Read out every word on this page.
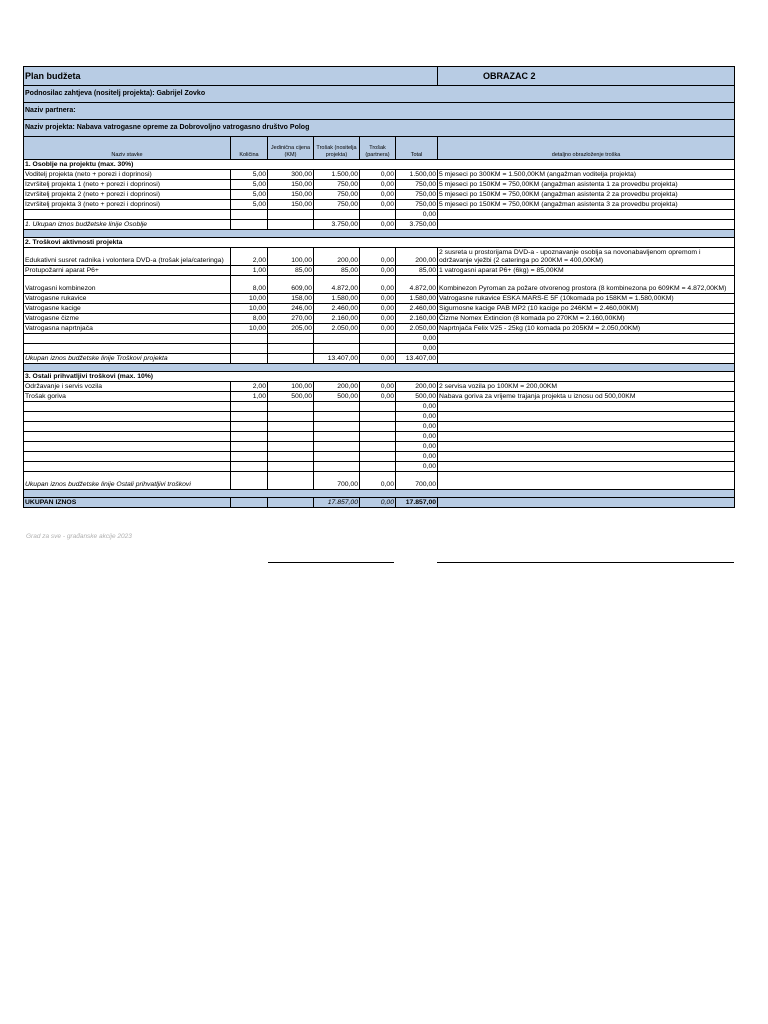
Plan budžeta						OBRAZAC 2
Podnosilac zahtjeva (nositelj projekta): Gabrijel Zovko						
Naziv partnera:						
Naziv projekta: Nabava vatrogasne opreme za Dobrovoljno vatrogasno društvo Polog						
Naziv stavke	Količina	Jedinična cijena (KM)	Trošak (nositelja projekta)	Trošak (partnera)	Total	detaljno obrazloženje troška
1. Osoblje na projektu (max. 30%)						
Voditelj projekta (neto + porezi i doprinosi)	5,00	300,00	1.500,00	0,00	1.500,00	5 mjeseci po 300KM = 1.500,00KM (angažman voditelja projekta)
Izvršitelj projekta 1 (neto + porezi i doprinosi)	5,00	150,00	750,00	0,00	750,00	5 mjeseci po 150KM = 750,00KM (angažman asistenta 1 za provedbu projekta)
Izvršitelj projekta 2 (neto + porezi i doprinosi)	5,00	150,00	750,00	0,00	750,00	5 mjeseci po 150KM = 750,00KM (angažman asistenta 2 za provedbu projekta)
Izvršitelj projekta 3 (neto + porezi i doprinosi)	5,00	150,00	750,00	0,00	750,00	5 mjeseci po 150KM = 750,00KM (angažman asistenta 3 za provedbu projekta)
					0,00	
1. Ukupan iznos budžetske linije Osoblje			3.750,00	0,00	3.750,00	

2. Troškovi aktivnosti projekta						
Edukativni susret radnika i volontera DVD-a (trošak jela/cateringa)	2,00	100,00	200,00	0,00	200,00	2 susreta u prostorijama DVD-a - upoznavanje osoblja sa novonabavljenom opremom i održavanje vježbi (2 cateringa po 200KM = 400,00KM)
Protupožarni aparat P6+	1,00	85,00	85,00	0,00	85,00	1 vatrogasni aparat P6+ (6kg) = 85,00KM
Vatrogasni kombinezon	8,00	609,00	4.872,00	0,00	4.872,00	Kombinezon Pyroman za požare otvorenog prostora (8 kombinezona po 609KM = 4.872,00KM)
Vatrogasne rukavice	10,00	158,00	1.580,00	0,00	1.580,00	Vatrogasne rukavice ESKA MARS-E 5F (10komada po 158KM = 1.580,00KM)
Vatrogasne kacige	10,00	246,00	2.460,00	0,00	2.460,00	Sigurnosne kacige PAB MP2 (10 kacige po 246KM = 2.460,00KM)
Vatrogasne čizme	8,00	270,00	2.160,00	0,00	2.160,00	Čizme Nomex Extincion (8 komada po 270KM = 2.160,00KM)
Vatrogasna naprtnjača	10,00	205,00	2.050,00	0,00	2.050,00	Naprtnjača Felix V25 - 25kg (10 komada po 205KM = 2.050,00KM)
					0,00	
					0,00	
Ukupan iznos budžetske linije Troškovi projekta			13.407,00	0,00	13.407,00	

3. Ostali prihvatljivi troškovi (max. 10%)						
Održavanje i servis vozila	2,00	100,00	200,00	0,00	200,00	2 servisa vozila po 100KM = 200,00KM
Trošak goriva	1,00	500,00	500,00	0,00	500,00	Nabava goriva za vrijeme trajanja projekta u iznosu od 500,00KM
					0,00	
					0,00	
					0,00	
					0,00	
					0,00	
					0,00	
					0,00	
Ukupan iznos budžetske linije Ostali prihvatljivi troškovi			700,00	0,00	700,00	

UKUPAN IZNOS			17.857,00	0,00	17.857,00	
Grad za sve - građanske akcije 2023
